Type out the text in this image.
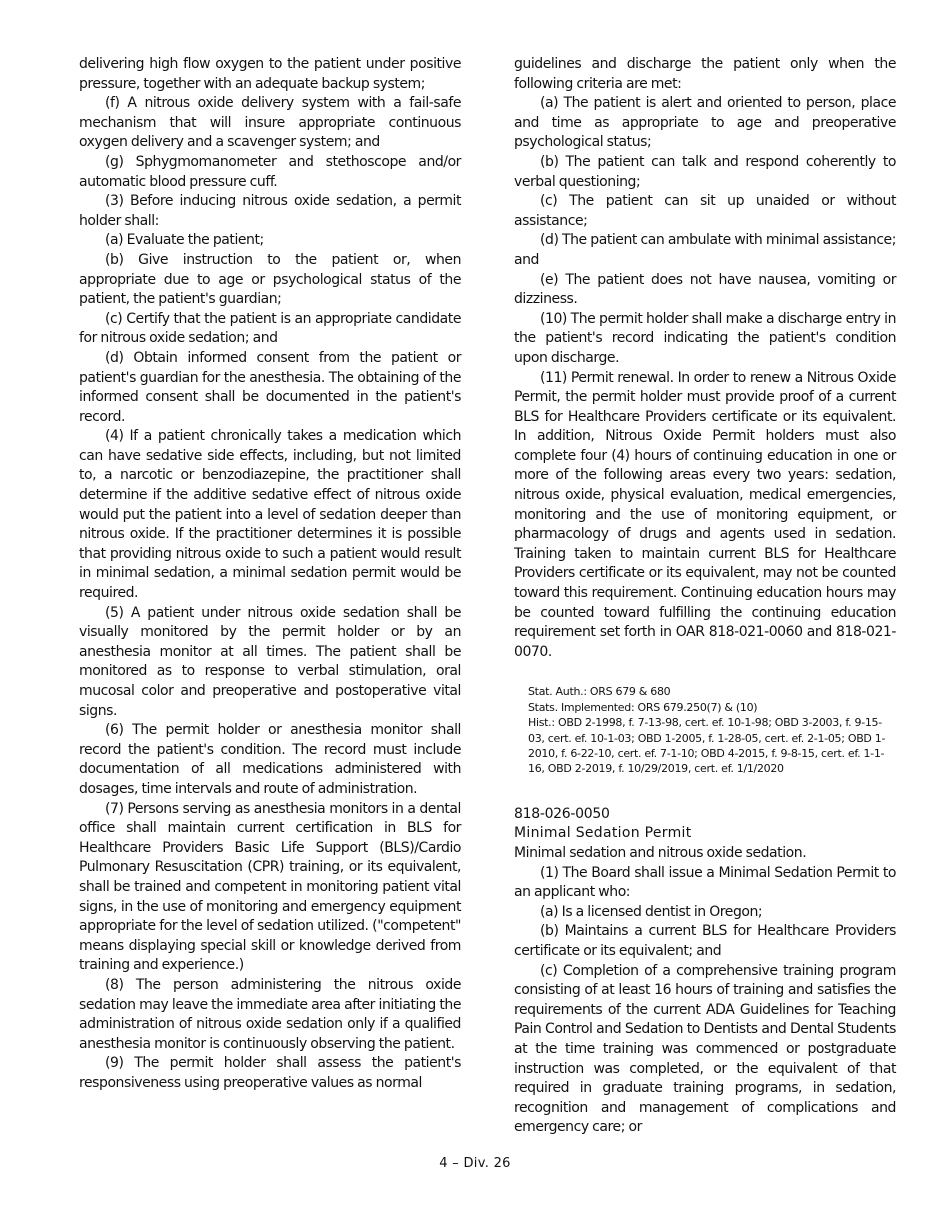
delivering high flow oxygen to the patient under positive pressure, together with an adequate backup system;

(f) A nitrous oxide delivery system with a fail-safe mechanism that will insure appropriate continuous oxygen delivery and a scavenger system; and

(g) Sphygmomanometer and stethoscope and/or automatic blood pressure cuff.

(3) Before inducing nitrous oxide sedation, a permit holder shall:

(a) Evaluate the patient;

(b) Give instruction to the patient or, when appropriate due to age or psychological status of the patient, the patient's guardian;

(c) Certify that the patient is an appropriate candidate for nitrous oxide sedation; and

(d) Obtain informed consent from the patient or patient's guardian for the anesthesia. The obtaining of the informed consent shall be documented in the patient's record.

(4) If a patient chronically takes a medication which can have sedative side effects, including, but not limited to, a narcotic or benzodiazepine, the practitioner shall determine if the additive sedative effect of nitrous oxide would put the patient into a level of sedation deeper than nitrous oxide. If the practitioner determines it is possible that providing nitrous oxide to such a patient would result in minimal sedation, a minimal sedation permit would be required.

(5) A patient under nitrous oxide sedation shall be visually monitored by the permit holder or by an anesthesia monitor at all times. The patient shall be monitored as to response to verbal stimulation, oral mucosal color and preoperative and postoperative vital signs.

(6) The permit holder or anesthesia monitor shall record the patient's condition. The record must include documentation of all medications administered with dosages, time intervals and route of administration.

(7) Persons serving as anesthesia monitors in a dental office shall maintain current certification in BLS for Healthcare Providers Basic Life Support (BLS)/Cardio Pulmonary Resuscitation (CPR) training, or its equivalent, shall be trained and competent in monitoring patient vital signs, in the use of monitoring and emergency equipment appropriate for the level of sedation utilized. ("competent" means displaying special skill or knowledge derived from training and experience.)

(8) The person administering the nitrous oxide sedation may leave the immediate area after initiating the administration of nitrous oxide sedation only if a qualified anesthesia monitor is continuously observing the patient.

(9) The permit holder shall assess the patient's responsiveness using preoperative values as normal

guidelines and discharge the patient only when the following criteria are met:

(a) The patient is alert and oriented to person, place and time as appropriate to age and preoperative psychological status;

(b) The patient can talk and respond coherently to verbal questioning;

(c) The patient can sit up unaided or without assistance;

(d) The patient can ambulate with minimal assistance; and

(e) The patient does not have nausea, vomiting or dizziness.

(10) The permit holder shall make a discharge entry in the patient's record indicating the patient's condition upon discharge.

(11) Permit renewal. In order to renew a Nitrous Oxide Permit, the permit holder must provide proof of a current BLS for Healthcare Providers certificate or its equivalent. In addition, Nitrous Oxide Permit holders must also complete four (4) hours of continuing education in one or more of the following areas every two years: sedation, nitrous oxide, physical evaluation, medical emergencies, monitoring and the use of monitoring equipment, or pharmacology of drugs and agents used in sedation. Training taken to maintain current BLS for Healthcare Providers certificate or its equivalent, may not be counted toward this requirement. Continuing education hours may be counted toward fulfilling the continuing education requirement set forth in OAR 818-021-0060 and 818-021-0070.

Stat. Auth.: ORS 679 & 680

Stats. Implemented: ORS 679.250(7) & (10)

Hist.: OBD 2-1998, f. 7-13-98, cert. ef. 10-1-98; OBD 3-2003, f. 9-15-03, cert. ef. 10-1-03; OBD 1-2005, f. 1-28-05, cert. ef. 2-1-05; OBD 1-2010, f. 6-22-10, cert. ef. 7-1-10; OBD 4-2015, f. 9-8-15, cert. ef. 1-1-16, OBD 2-2019, f. 10/29/2019, cert. ef. 1/1/2020

818-026-0050

Minimal Sedation Permit

Minimal sedation and nitrous oxide sedation.

(1) The Board shall issue a Minimal Sedation Permit to an applicant who:

(a) Is a licensed dentist in Oregon;

(b) Maintains a current BLS for Healthcare Providers certificate or its equivalent; and

(c) Completion of a comprehensive training program consisting of at least 16 hours of training and satisfies the requirements of the current ADA Guidelines for Teaching Pain Control and Sedation to Dentists and Dental Students at the time training was commenced or postgraduate instruction was completed, or the equivalent of that required in graduate training programs, in sedation, recognition and management of complications and emergency care; or

4 – Div. 26
